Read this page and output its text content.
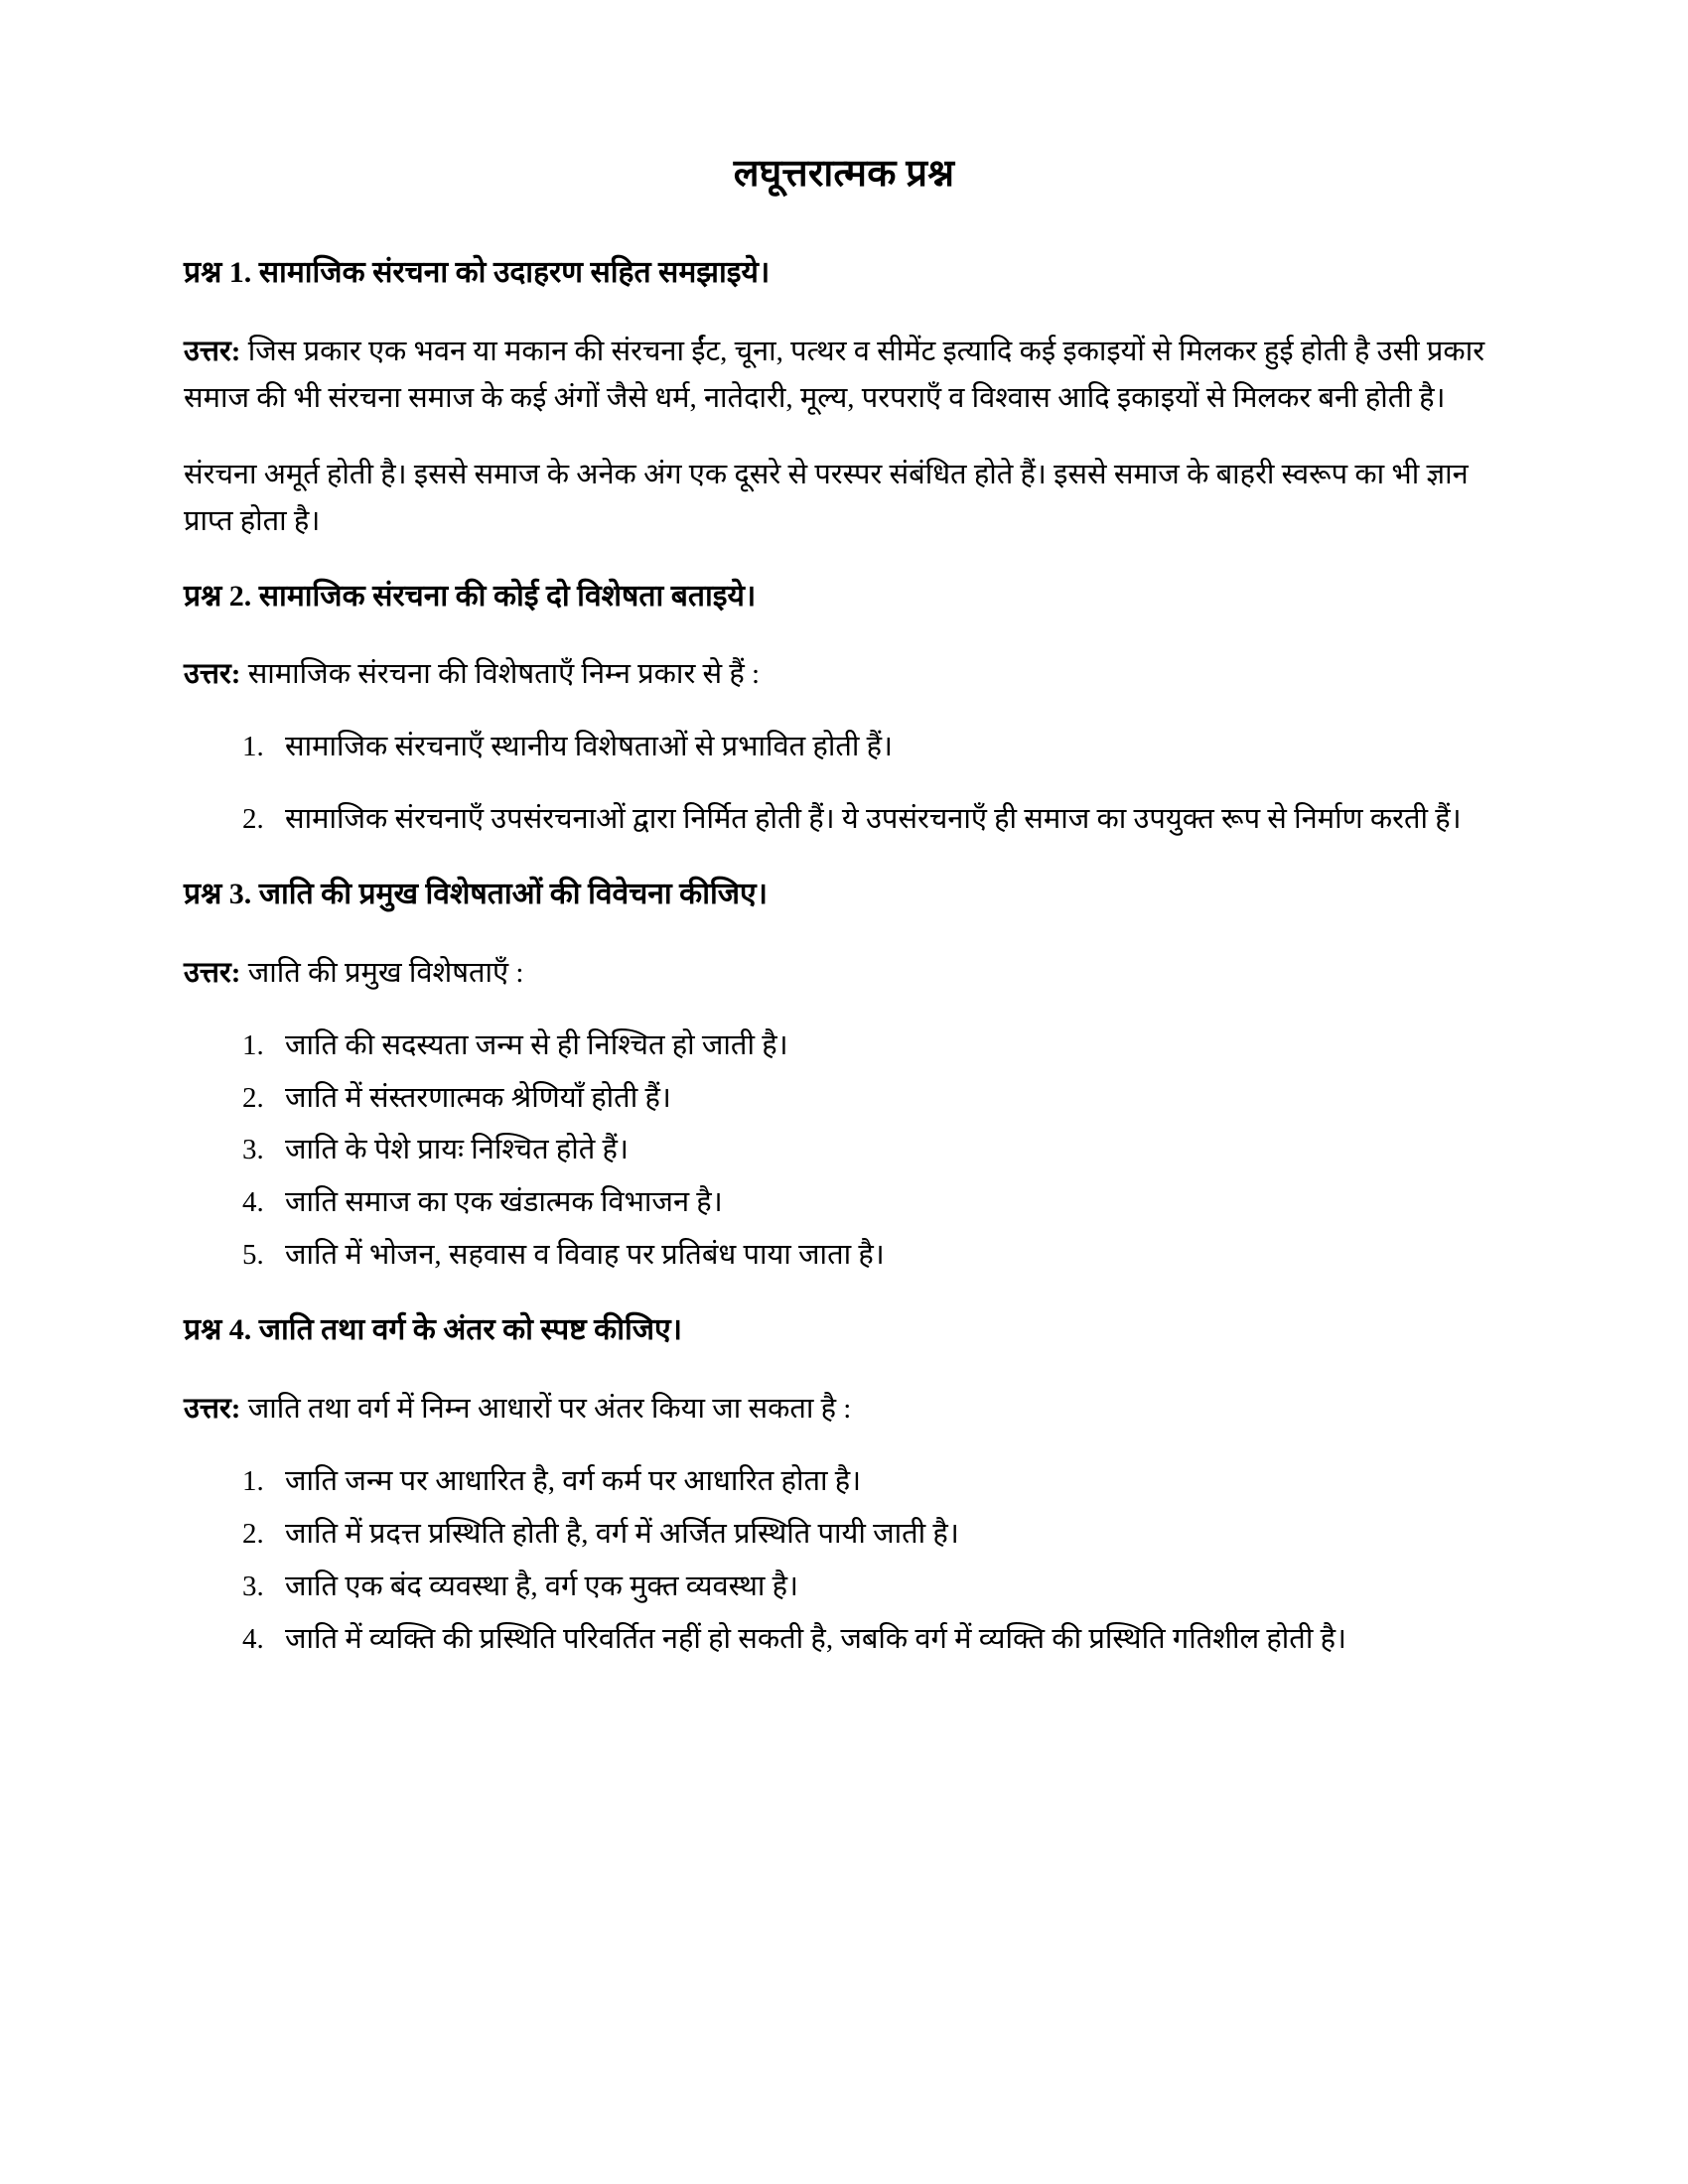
लघूत्तरात्मक प्रश्न

प्रश्न 1. सामाजिक संरचना को उदाहरण सहित समझाइये।

उत्तर: जिस प्रकार एक भवन या मकान की संरचना ईंट, चूना, पत्थर व सीमेंट इत्यादि कई इकाइयों से मिलकर हुई होती है उसी प्रकार समाज की भी संरचना समाज के कई अंगों जैसे धर्म, नातेदारी, मूल्य, परपराएँ व विश्वास आदि इकाइयों से मिलकर बनी होती है।

संरचना अमूर्त होती है। इससे समाज के अनेक अंग एक दूसरे से परस्पर संबंधित होते हैं। इससे समाज के बाहरी स्वरूप का भी ज्ञान प्राप्त होता है।

प्रश्न 2. सामाजिक संरचना की कोई दो विशेषता बताइये।

उत्तर: सामाजिक संरचना की विशेषताएँ निम्न प्रकार से हैं :

1. सामाजिक संरचनाएँ स्थानीय विशेषताओं से प्रभावित होती हैं।
2. सामाजिक संरचनाएँ उपसंरचनाओं द्वारा निर्मित होती हैं। ये उपसंरचनाएँ ही समाज का उपयुक्त रूप से निर्माण करती हैं।

प्रश्न 3. जाति की प्रमुख विशेषताओं की विवेचना कीजिए।

उत्तर: जाति की प्रमुख विशेषताएँ :

1. जाति की सदस्यता जन्म से ही निश्चित हो जाती है।
2. जाति में संस्तरणात्मक श्रेणियाँ होती हैं।
3. जाति के पेशे प्रायः निश्चित होते हैं।
4. जाति समाज का एक खंडात्मक विभाजन है।
5. जाति में भोजन, सहवास व विवाह पर प्रतिबंध पाया जाता है।

प्रश्न 4. जाति तथा वर्ग के अंतर को स्पष्ट कीजिए।

उत्तर: जाति तथा वर्ग में निम्न आधारों पर अंतर किया जा सकता है :

1. जाति जन्म पर आधारित है, वर्ग कर्म पर आधारित होता है।
2. जाति में प्रदत्त प्रस्थिति होती है, वर्ग में अर्जित प्रस्थिति पायी जाती है।
3. जाति एक बंद व्यवस्था है, वर्ग एक मुक्त व्यवस्था है।
4. जाति में व्यक्ति की प्रस्थिति परिवर्तित नहीं हो सकती है, जबकि वर्ग में व्यक्ति की प्रस्थिति गतिशील होती है।
